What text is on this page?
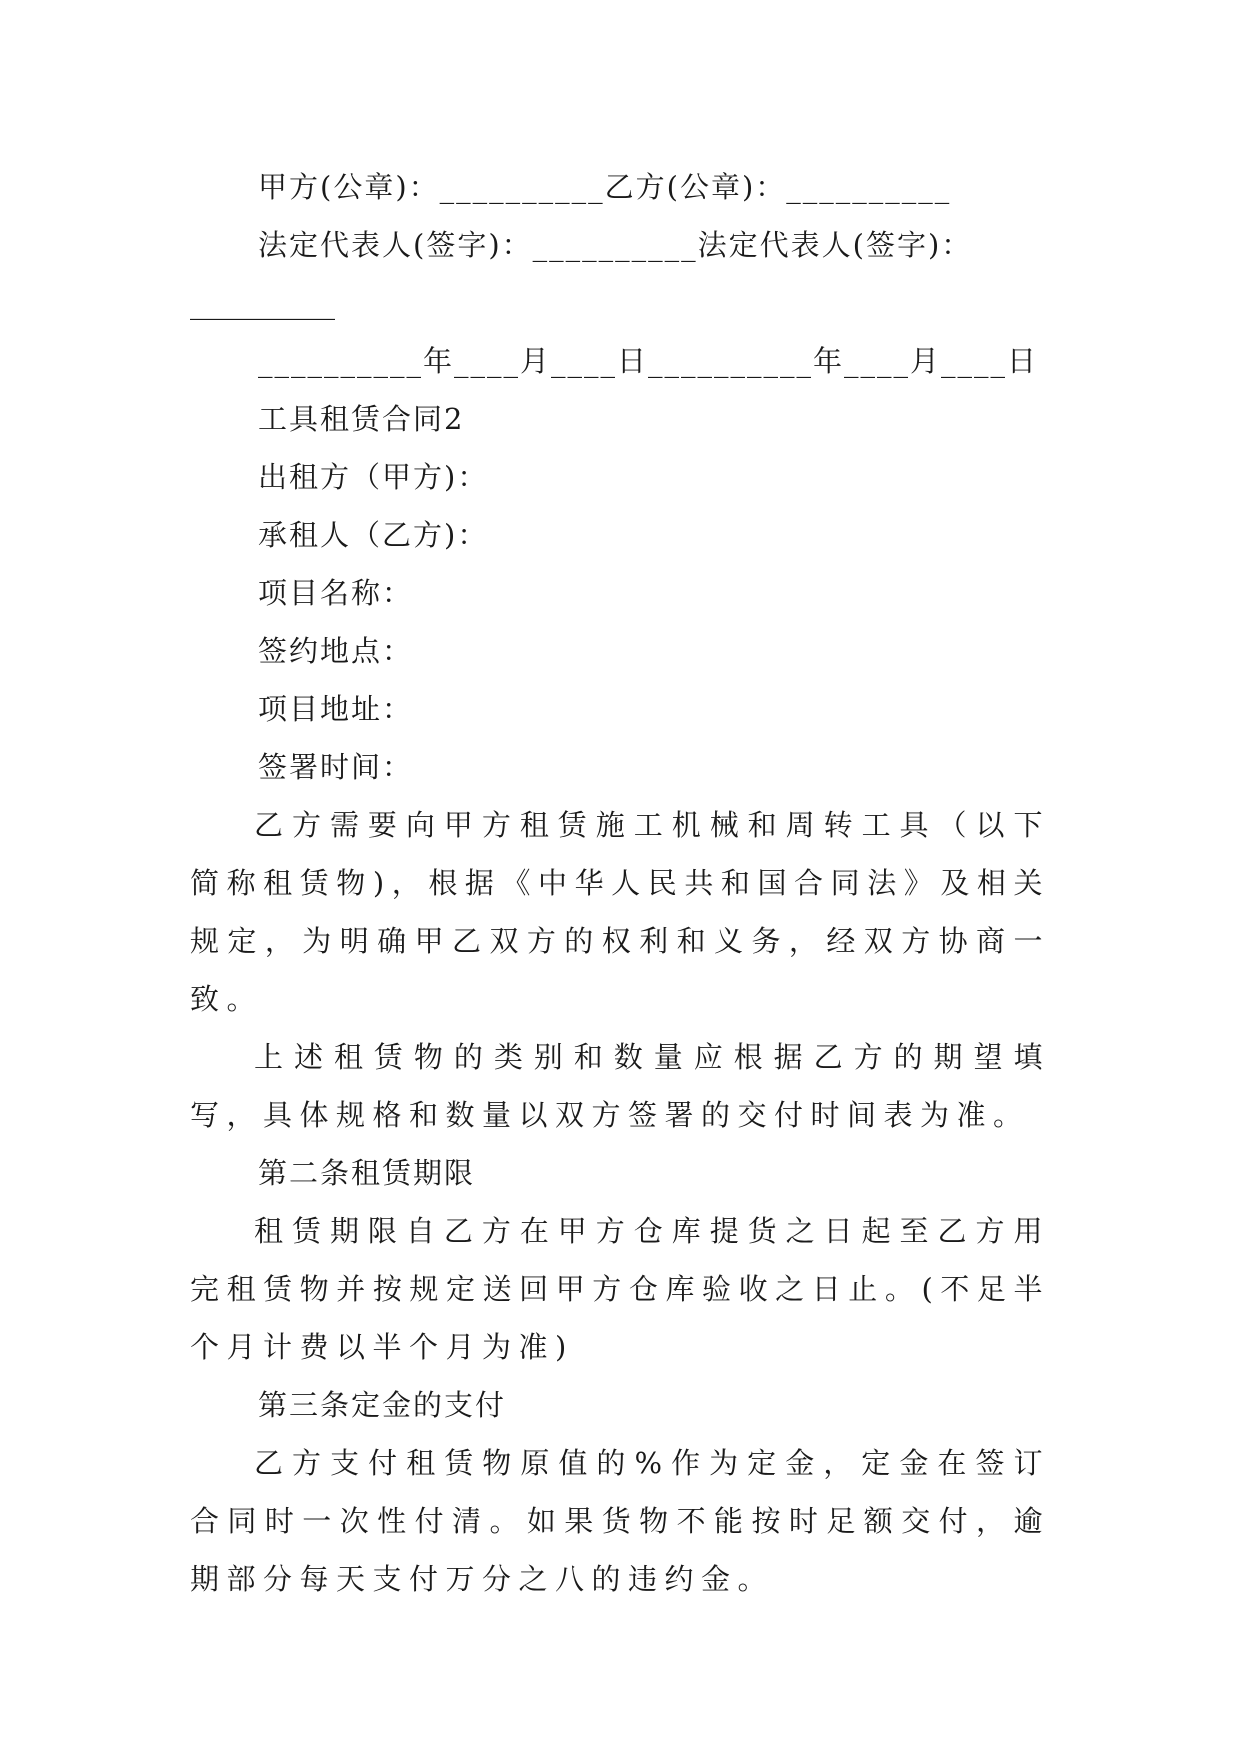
甲方(公章)：__________乙方(公章)：__________
法定代表人(签字)：__________法定代表人(签字)：
__________
__________年____月____日__________年____月____日
工具租赁合同2
出租方（甲方)：
承租人（乙方)：
项目名称：
签约地点：
项目地址：
签署时间：
乙方需要向甲方租赁施工机械和周转工具（以下简称租赁物)，根据《中华人民共和国合同法》及相关规定，为明确甲乙双方的权利和义务，经双方协商一致。
上述租赁物的类别和数量应根据乙方的期望填写，具体规格和数量以双方签署的交付时间表为准。
第二条租赁期限
租赁期限自乙方在甲方仓库提货之日起至乙方用完租赁物并按规定送回甲方仓库验收之日止。(不足半个月计费以半个月为准)
第三条定金的支付
乙方支付租赁物原值的%作为定金，定金在签订合同时一次性付清。如果货物不能按时足额交付，逾期部分每天支付万分之八的违约金。
